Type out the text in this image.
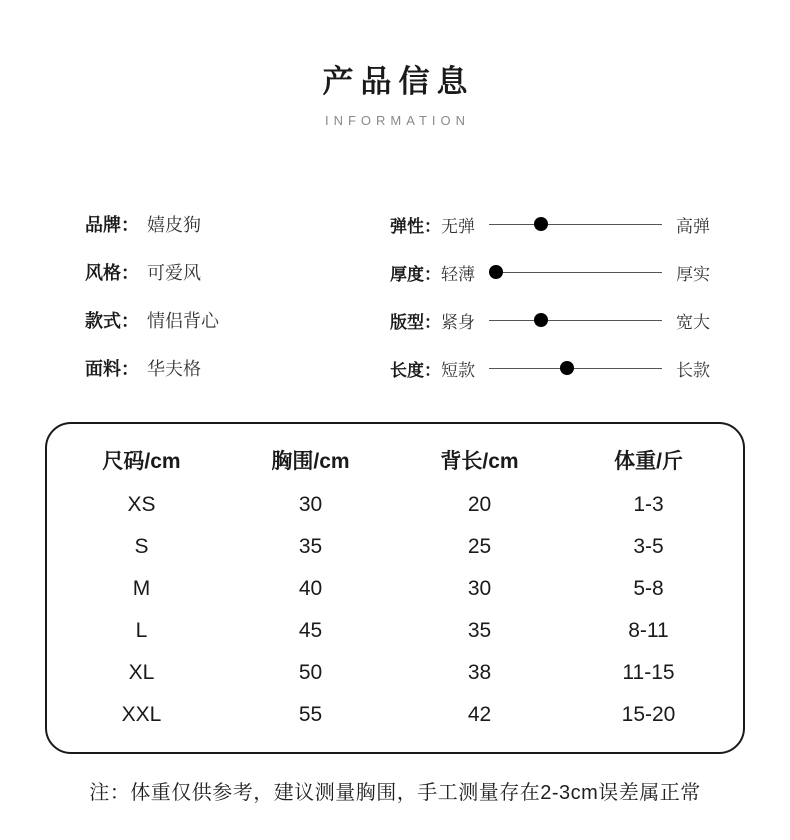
产品信息
INFORMATION
品牌： 嬉皮狗
风格： 可爱风
款式： 情侣背心
面料： 华夫格
弹性： 无弹	高弹
厚度： 轻薄	厚实
版型： 紧身	宽大
长度： 短款	长款
尺码/cm	胸围/cm	背长/cm	体重/斤
XS	30	20	1-3
S	35	25	3-5
M	40	30	5-8
L	45	35	8-11
XL	50	38	11-15
XXL	55	42	15-20

注：体重仅供参考，建议测量胸围，手工测量存在2-3cm误差属正常
